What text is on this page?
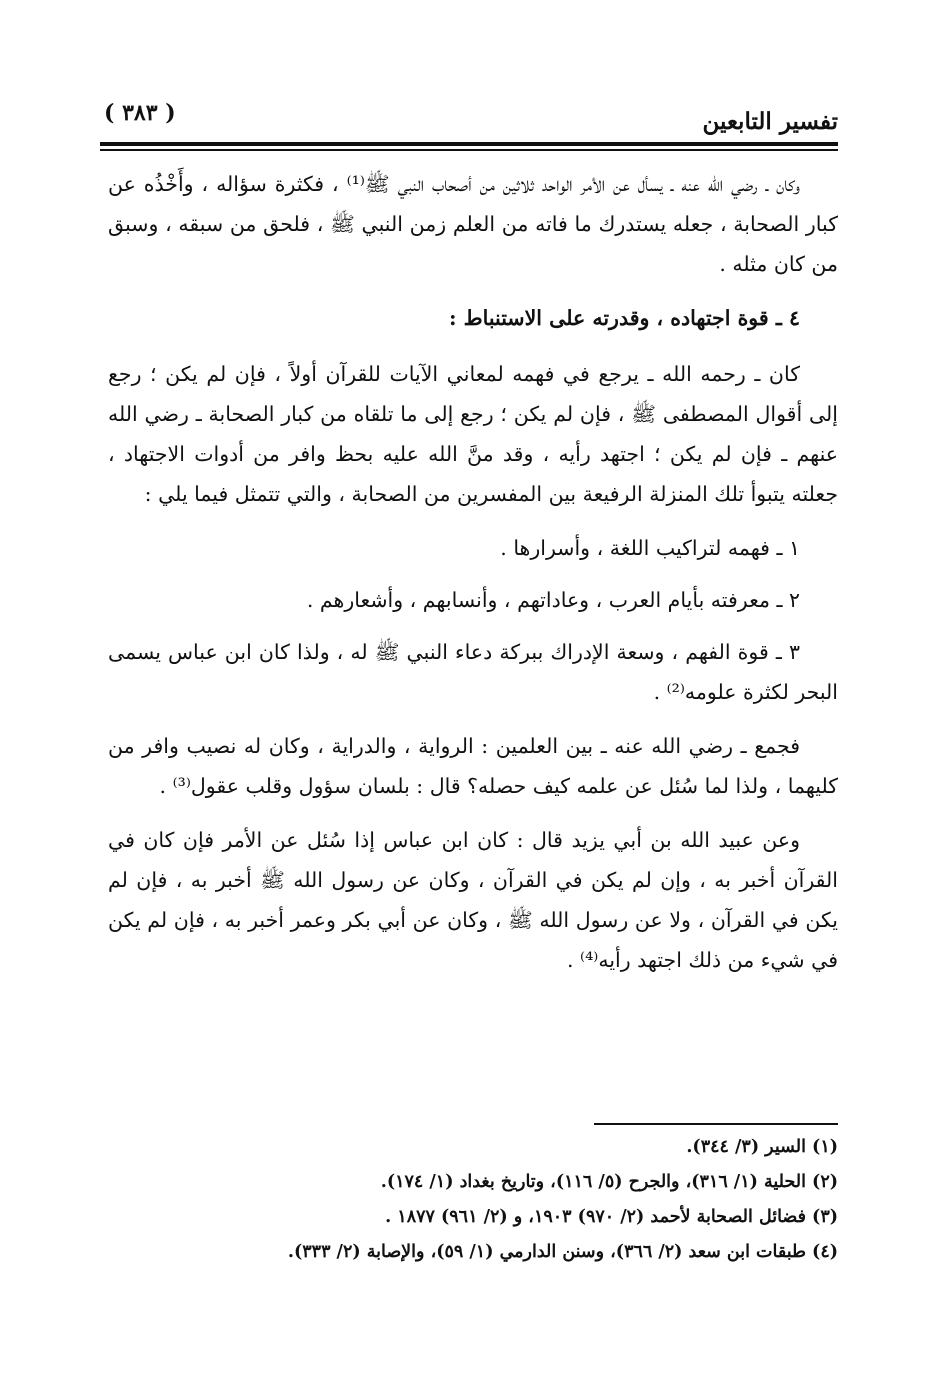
تفسير التابعين
( ٣٨٣ )

وكان ـ رضي الله عنه ـ يسأل عن الأمر الواحد ثلاثين من أصحاب النبي ﷺ⁽¹⁾ ، فكثرة سؤاله ، وأَخْذُه عن كبار الصحابة ، جعله يستدرك ما فاته من العلم زمن النبي ﷺ ، فلحق من سبقه ، وسبق من كان مثله .

٤ ـ قوة اجتهاده ، وقدرته على الاستنباط :

كان ـ رحمه الله ـ يرجع في فهمه لمعاني الآيات للقرآن أولاً ، فإن لم يكن ؛ رجع إلى أقوال المصطفى ﷺ ، فإن لم يكن ؛ رجع إلى ما تلقاه من كبار الصحابة ـ رضي الله عنهم ـ فإن لم يكن ؛ اجتهد رأيه ، وقد منَّ الله عليه بحظ وافر من أدوات الاجتهاد ، جعلته يتبوأ تلك المنزلة الرفيعة بين المفسرين من الصحابة ، والتي تتمثل فيما يلي :

١ ـ فهمه لتراكيب اللغة ، وأسرارها .

٢ ـ معرفته بأيام العرب ، وعاداتهم ، وأنسابهم ، وأشعارهم .

٣ ـ قوة الفهم ، وسعة الإدراك ببركة دعاء النبي ﷺ له ، ولذا كان ابن عباس يسمى البحر لكثرة علومه⁽²⁾ .

فجمع ـ رضي الله عنه ـ بين العلمين : الرواية ، والدراية ، وكان له نصيب وافر من كليهما ، ولذا لما سُئل عن علمه كيف حصله؟ قال : بلسان سؤول وقلب عقول⁽³⁾ .

وعن عبيد الله بن أبي يزيد قال : كان ابن عباس إذا سُئل عن الأمر فإن كان في القرآن أخبر به ، وإن لم يكن في القرآن ، وكان عن رسول الله ﷺ أخبر به ، فإن لم يكن في القرآن ، ولا عن رسول الله ﷺ ، وكان عن أبي بكر وعمر أخبر به ، فإن لم يكن في شيء من ذلك اجتهد رأيه⁽⁴⁾ .

(١) السير (٣/ ٣٤٤).
(٢) الحلية (١/ ٣١٦)، والجرح (٥/ ١١٦)، وتاريخ بغداد (١/ ١٧٤).
(٣) فضائل الصحابة لأحمد (٢/ ٩٧٠) ١٩٠٣، و (٢/ ٩٦١) ١٨٧٧ .
(٤) طبقات ابن سعد (٢/ ٣٦٦)، وسنن الدارمي (١/ ٥٩)، والإصابة (٢/ ٣٣٣).
